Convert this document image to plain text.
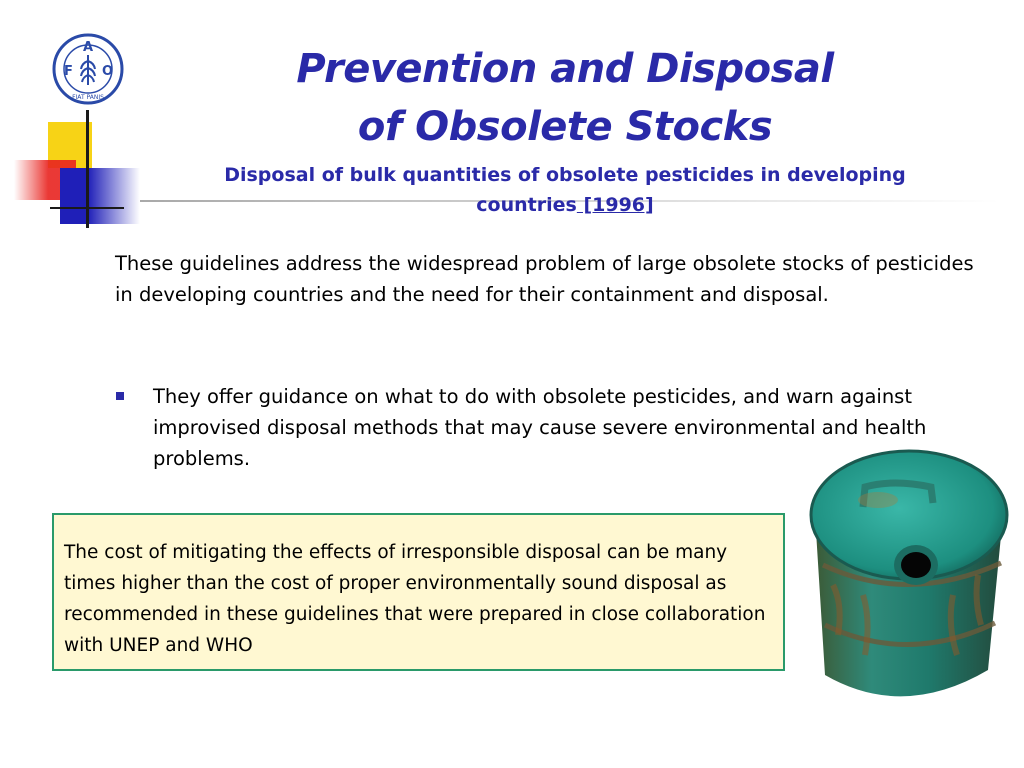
F
A
O
FIAT PANIS
Prevention and Disposal
of Obsolete Stocks
Disposal of bulk quantities of obsolete pesticides in developing
countries [1996]
These guidelines address the widespread problem of large obsolete stocks of pesticides in developing countries and the need for their containment and disposal.
They offer guidance on what to do with obsolete pesticides, and warn against improvised disposal methods that may cause severe environmental and health problems.
The cost of mitigating the effects of irresponsible disposal can be many times higher than the cost of proper environmentally sound disposal as recommended in these guidelines that were prepared in close collaboration with UNEP and WHO
